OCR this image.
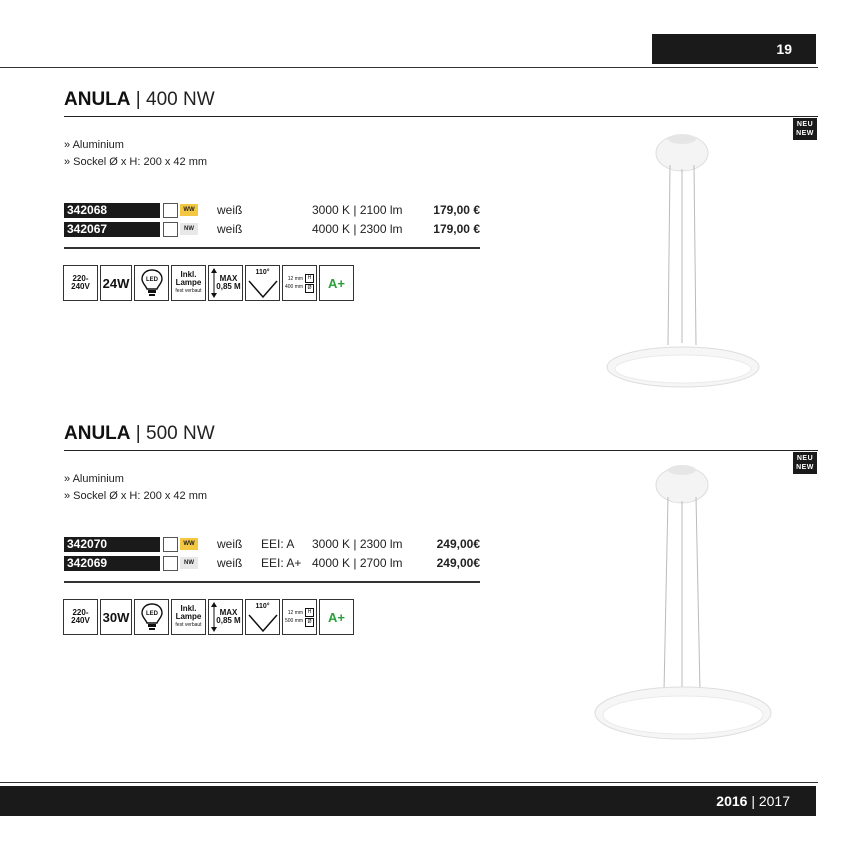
19
ANULA | 400 NW
NEU
NEW
» Aluminium
» Sockel Ø x H: 200 x 42 mm
342068	WW weiß	3000 K | 2100 lm	179,00 €
342067	NW	weiß	4000 K | 2300 lm	179,00 €
220-
240V 24W	LED
Inkl.
Lampe
fest verbaut
MAX
0,85 M
110°
12 mm
400 mm
H
Ø	A+
ANULA | 500 NW
NEU
NEW
» Aluminium
» Sockel Ø x H: 200 x 42 mm
342070	WW weiß EEI: A 3000 K | 2300 lm	249,00€
342069	NW	weiß EEI: A+ 4000 K | 2700 lm	249,00€
220-
240V 30W	LED
Inkl.
Lampe
fest verbaut
MAX
0,85 M
110°
12 mm
500 mm
H
Ø	A+
2016
| 2017
